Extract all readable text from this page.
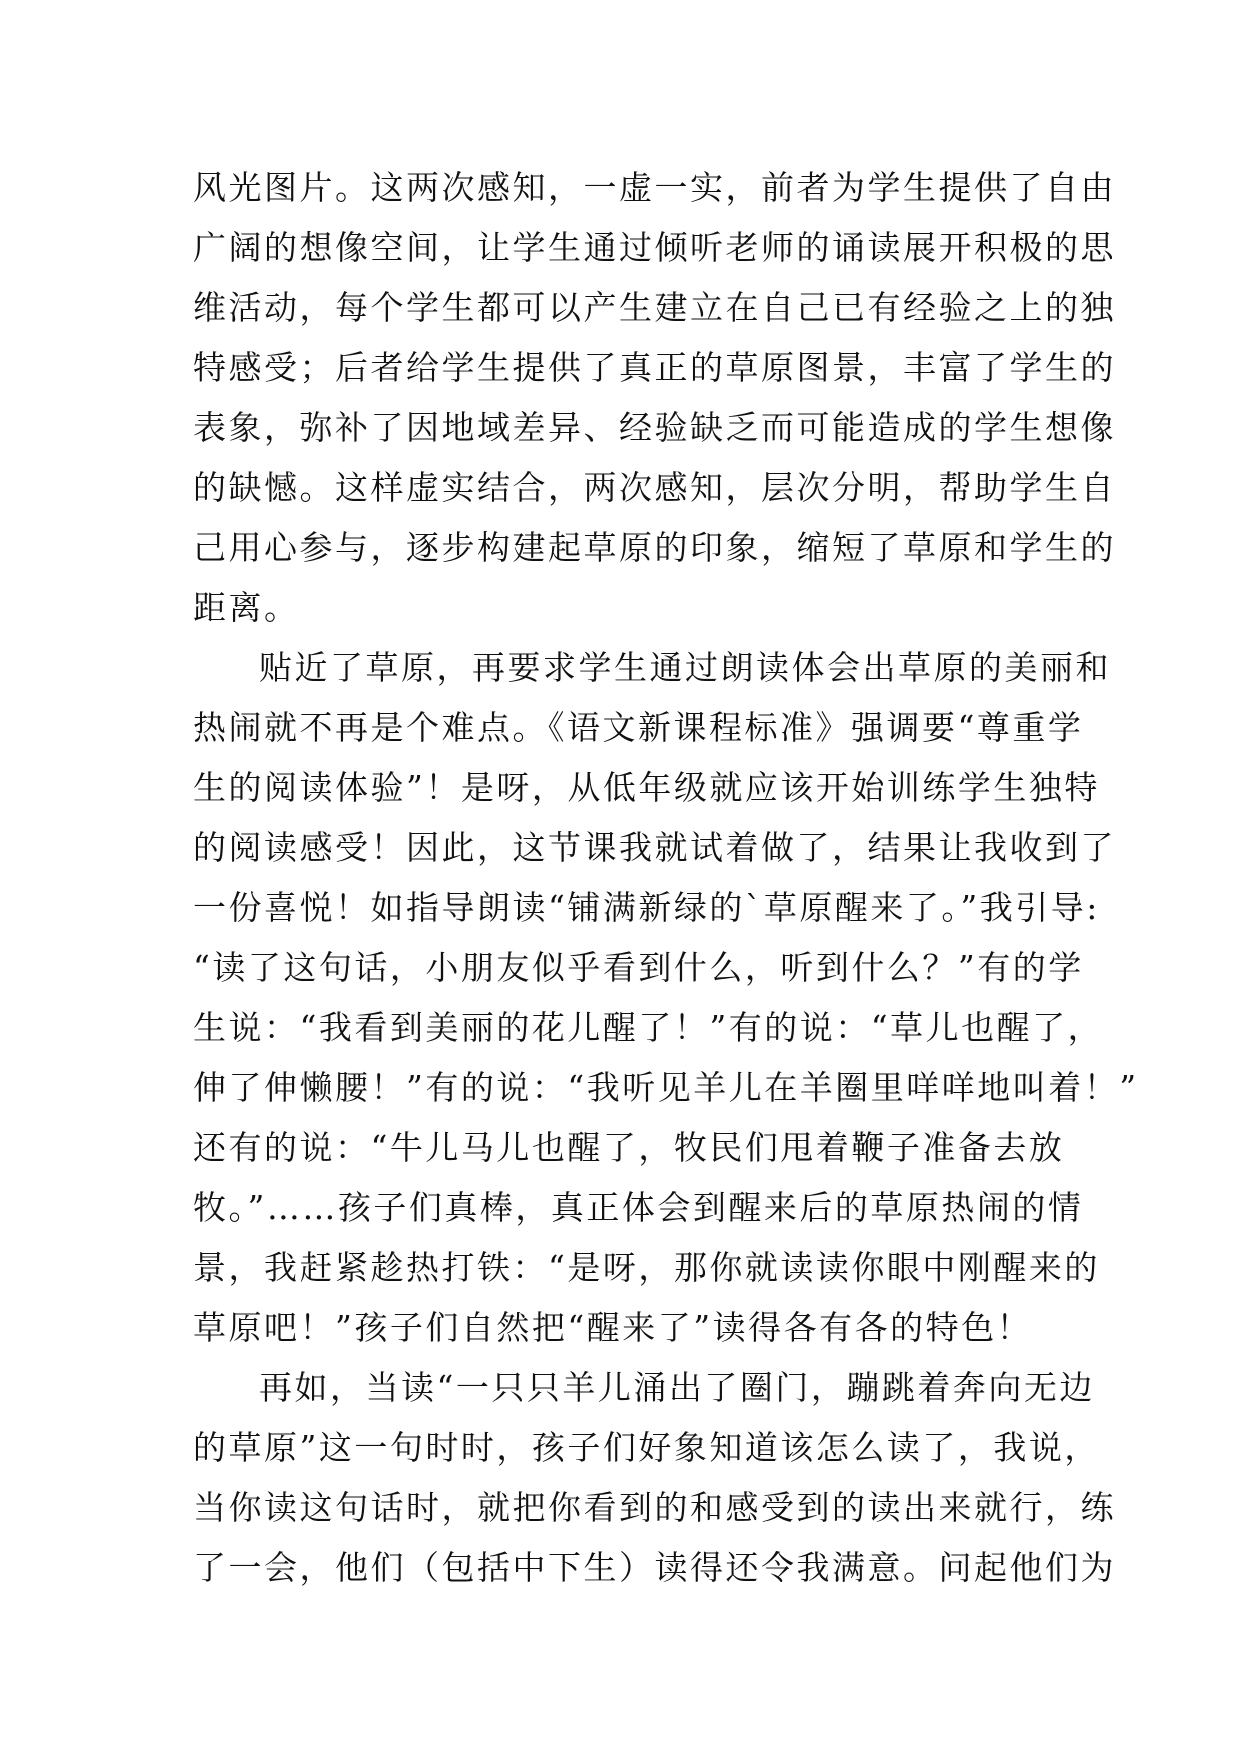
风光图片。这两次感知，一虚一实，前者为学生提供了自由
广阔的想像空间，让学生通过倾听老师的诵读展开积极的思
维活动，每个学生都可以产生建立在自己已有经验之上的独
特感受；后者给学生提供了真正的草原图景，丰富了学生的
表象，弥补了因地域差异、经验缺乏而可能造成的学生想像
的缺憾。这样虚实结合，两次感知，层次分明，帮助学生自
己用心参与，逐步构建起草原的印象，缩短了草原和学生的
距离。
贴近了草原，再要求学生通过朗读体会出草原的美丽和
热闹就不再是个难点。《语文新课程标准》强调要“尊重学
生的阅读体验”！是呀，从低年级就应该开始训练学生独特
的阅读感受！因此，这节课我就试着做了，结果让我收到了
一份喜悦！如指导朗读“铺满新绿的`草原醒来了。”我引导:
“读了这句话，小朋友似乎看到什么，听到什么？”有的学
生说：“我看到美丽的花儿醒了！”有的说：“草儿也醒了，
伸了伸懒腰！”有的说：“我听见羊儿在羊圈里咩咩地叫着！”
还有的说：“牛儿马儿也醒了，牧民们甩着鞭子准备去放
牧。”……孩子们真棒，真正体会到醒来后的草原热闹的情
景，我赶紧趁热打铁：“是呀，那你就读读你眼中刚醒来的
草原吧！”孩子们自然把“醒来了”读得各有各的特色！
再如，当读“一只只羊儿涌出了圈门，蹦跳着奔向无边
的草原”这一句时时，孩子们好象知道该怎么读了，我说，
当你读这句话时，就把你看到的和感受到的读出来就行，练
了一会，他们（包括中下生）读得还令我满意。问起他们为
